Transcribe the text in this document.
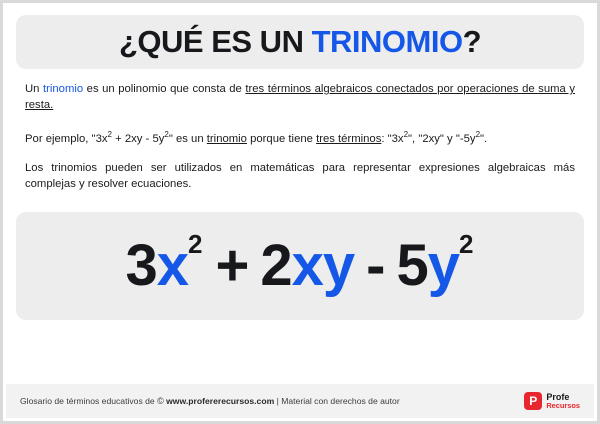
¿QUÉ ES UN TRINOMIO?

Un trinomio es un polinomio que consta de tres términos algebraicos conectados por operaciones de suma y resta.

Por ejemplo, "$3x^2 + 2xy - 5y^2$" es un trinomio porque tiene tres términos: "$3x^2$", "2xy" y "$-5y^2$".

Los trinomios pueden ser utilizados en matemáticas para representar expresiones algebraicas más complejas y resolver ecuaciones.

3 x 2 + 2 xy - 5 y 2
Glosario de términos educativos de © www.profererecursos.com | Material con derechos de autor	P	Profe
Recursos
